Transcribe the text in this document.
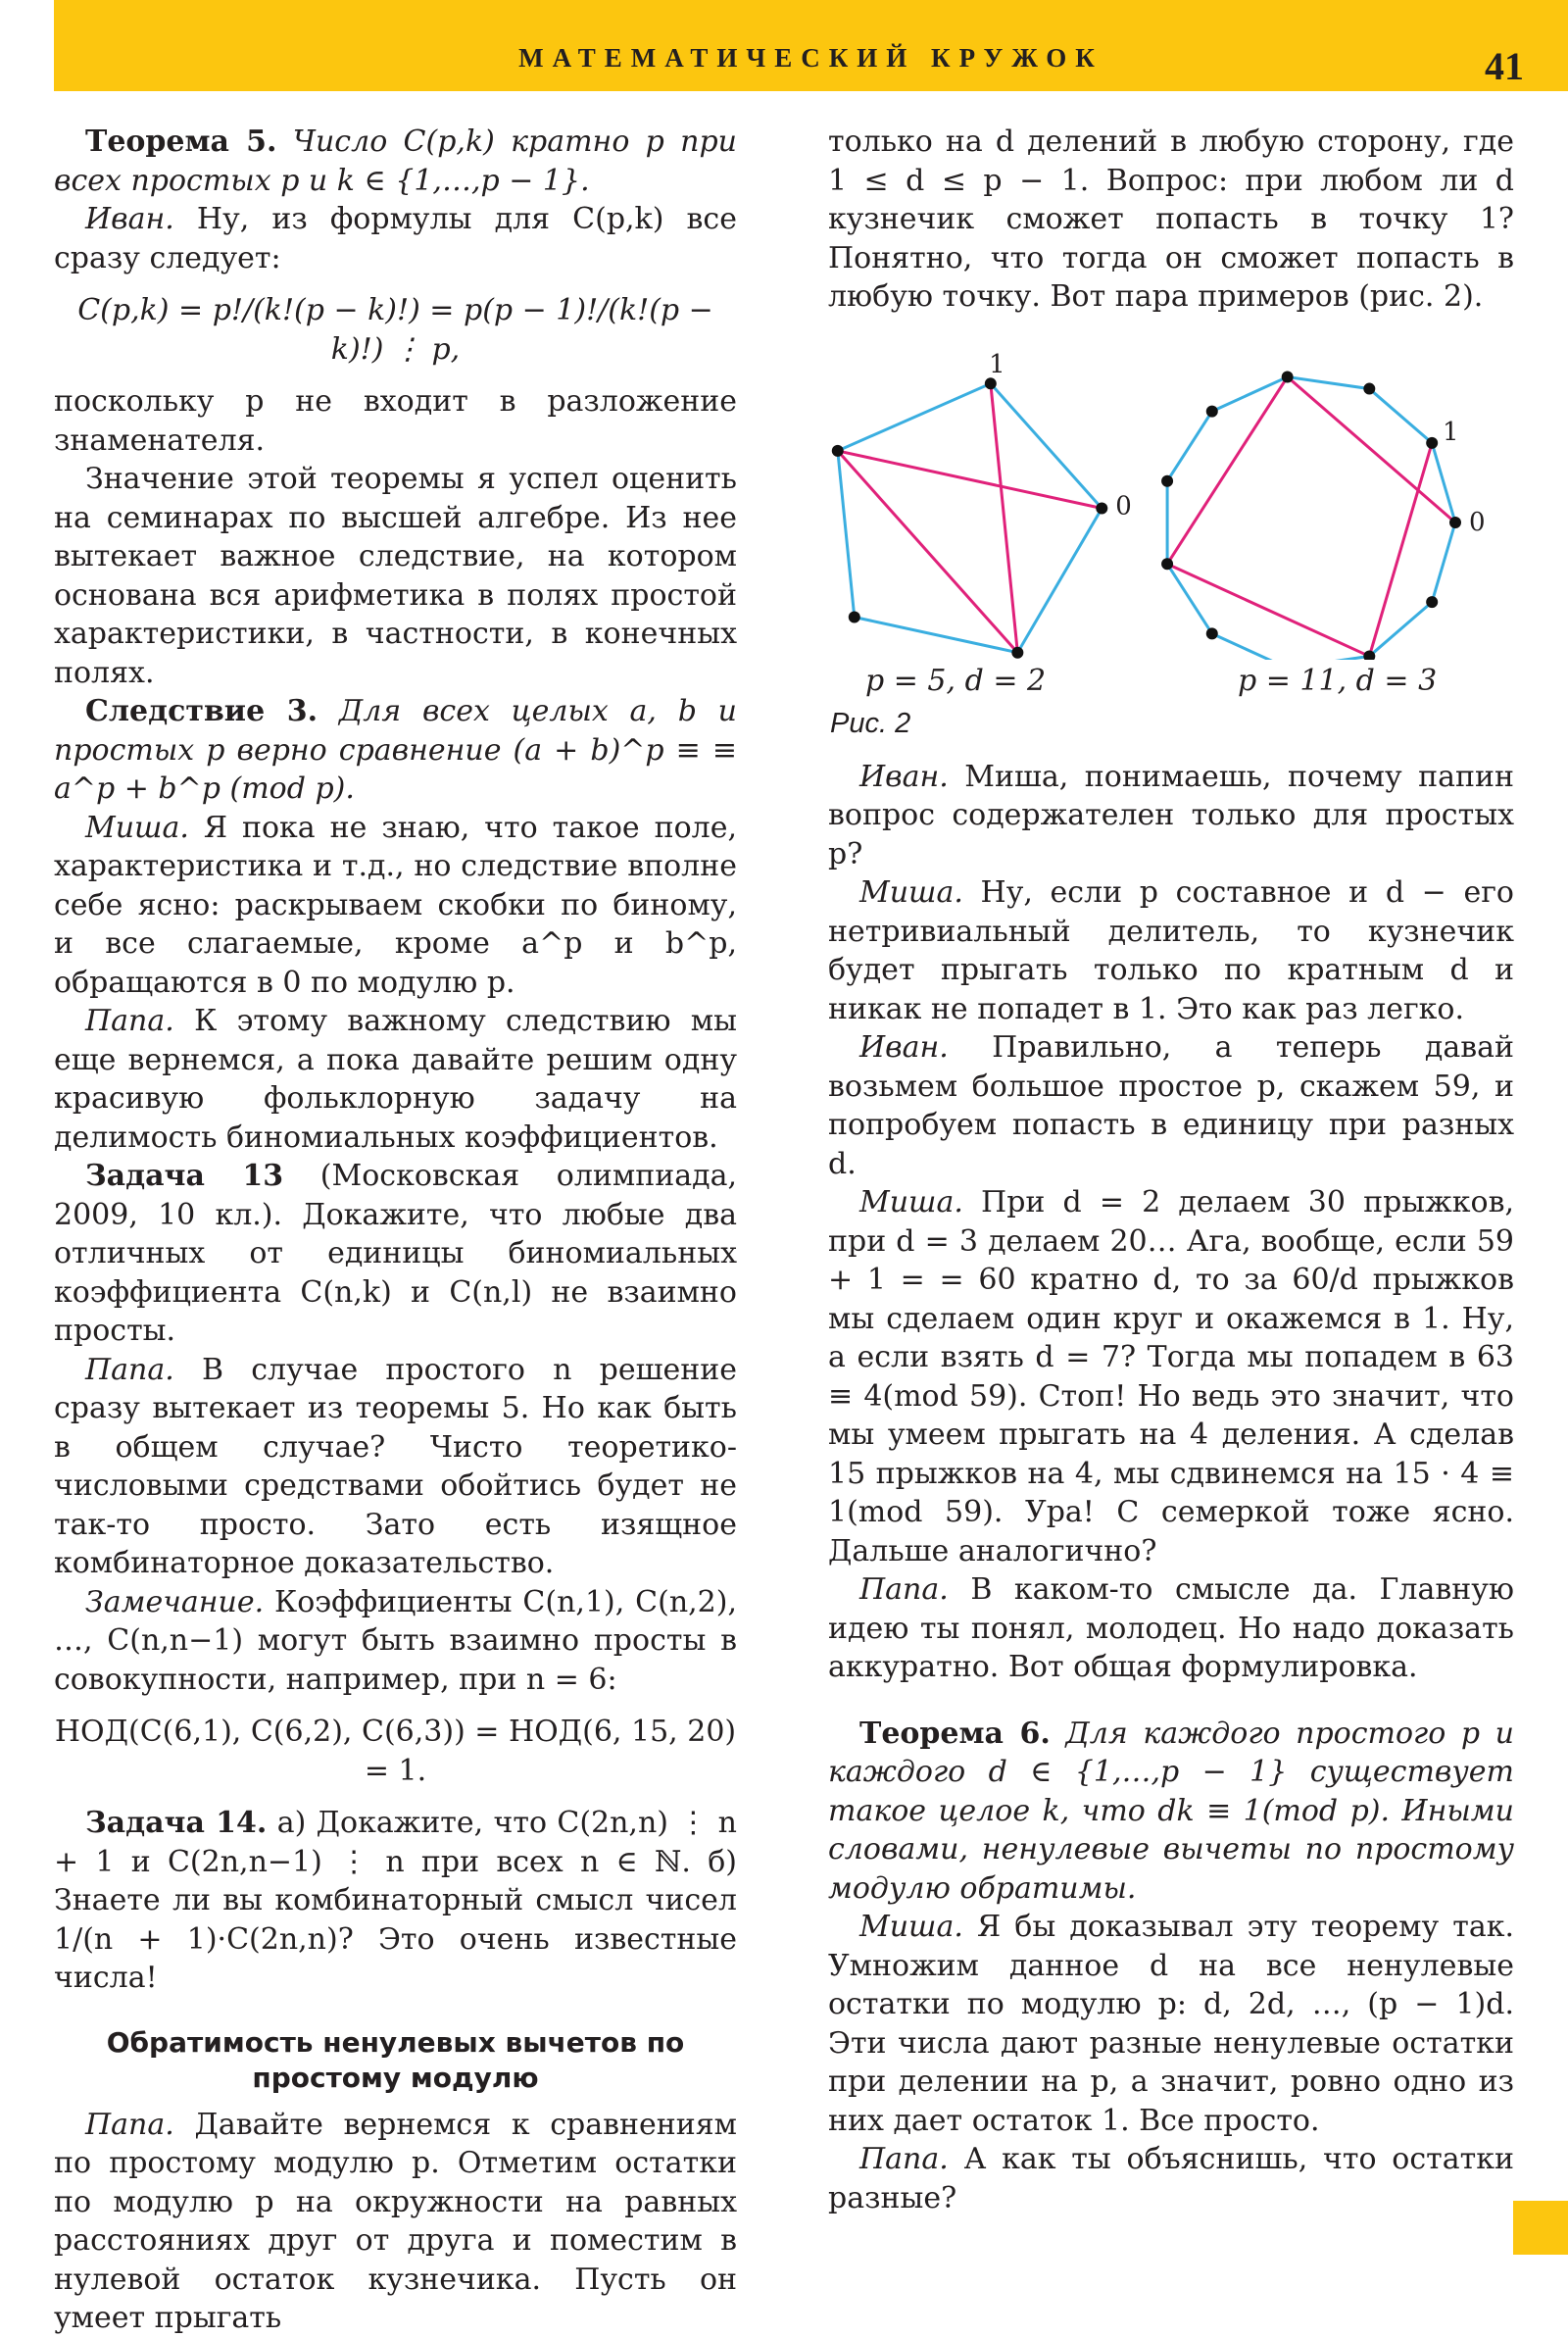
МАТЕМАТИЧЕСКИЙ КРУЖОК	41

Теорема 5. Число C(p,k) кратно p при всех простых p и k ∈ {1,…,p − 1}.

Иван. Ну, из формулы для C(p,k) все сразу следует:

C(p,k) = p!/(k!(p − k)!) = p(p − 1)!/(k!(p − k)!) ⋮ p,

поскольку p не входит в разложение знаменателя.

Значение этой теоремы я успел оценить на семинарах по высшей алгебре. Из нее вытекает важное следствие, на котором основана вся арифметика в полях простой характеристики, в частности, в конечных полях.

Следствие 3. Для всех целых a, b и простых p верно сравнение (a + b)^p ≡ ≡ a^p + b^p (mod p).

Миша. Я пока не знаю, что такое поле, характеристика и т.д., но следствие вполне себе ясно: раскрываем скобки по биному, и все слагаемые, кроме a^p и b^p, обращаются в 0 по модулю p.

Папа. К этому важному следствию мы еще вернемся, а пока давайте решим одну красивую фольклорную задачу на делимость биномиальных коэффициентов.

Задача 13 (Московская олимпиада, 2009, 10 кл.). Докажите, что любые два отличных от единицы биномиальных коэффициента C(n,k) и C(n,l) не взаимно просты.

Папа. В случае простого n решение сразу вытекает из теоремы 5. Но как быть в общем случае? Чисто теоретико-числовыми средствами обойтись будет не так-то просто. Зато есть изящное комбинаторное доказательство.

Замечание. Коэффициенты C(n,1), C(n,2), …, C(n,n−1) могут быть взаимно просты в совокупности, например, при n = 6:

НОД(C(6,1), C(6,2), C(6,3)) = НОД(6, 15, 20) = 1.

Задача 14. а) Докажите, что C(2n,n) ⋮ n + 1 и C(2n,n−1) ⋮ n при всех n ∈ ℕ. б) Знаете ли вы комбинаторный смысл чисел 1/(n + 1)·C(2n,n)? Это очень известные числа!

Обратимость ненулевых вычетов по простому модулю

Папа. Давайте вернемся к сравнениям по простому модулю p. Отметим остатки по модулю p на окружности на равных расстояниях друг от друга и поместим в нулевой остаток кузнечика. Пусть он умеет прыгать

только на d делений в любую сторону, где 1 ≤ d ≤ p − 1. Вопрос: при любом ли d кузнечик сможет попасть в точку 1? Понятно, что тогда он сможет попасть в любую точку. Вот пара примеров (рис. 2).

0
1
0
1
p = 5, d = 2	p = 11, d = 3
Рис. 2

Иван. Миша, понимаешь, почему папин вопрос содержателен только для простых p?

Миша. Ну, если p составное и d − его нетривиальный делитель, то кузнечик будет прыгать только по кратным d и никак не попадет в 1. Это как раз легко.

Иван. Правильно, а теперь давай возьмем большое простое p, скажем 59, и попробуем попасть в единицу при разных d.

Миша. При d = 2 делаем 30 прыжков, при d = 3 делаем 20… Ага, вообще, если 59 + 1 = = 60 кратно d, то за 60/d прыжков мы сделаем один круг и окажемся в 1. Ну, а если взять d = 7? Тогда мы попадем в 63 ≡ 4(mod 59). Стоп! Но ведь это значит, что мы умеем прыгать на 4 деления. А сделав 15 прыжков на 4, мы сдвинемся на 15 · 4 ≡ 1(mod 59). Ура! С семеркой тоже ясно. Дальше аналогично?

Папа. В каком-то смысле да. Главную идею ты понял, молодец. Но надо доказать аккуратно. Вот общая формулировка.

Теорема 6. Для каждого простого p и каждого d ∈ {1,…,p − 1} существует такое целое k, что dk ≡ 1(mod p). Иными словами, ненулевые вычеты по простому модулю обратимы.

Миша. Я бы доказывал эту теорему так. Умножим данное d на все ненулевые остатки по модулю p: d, 2d, …, (p − 1)d. Эти числа дают разные ненулевые остатки при делении на p, а значит, ровно одно из них дает остаток 1. Все просто.

Папа. А как ты объяснишь, что остатки разные?
